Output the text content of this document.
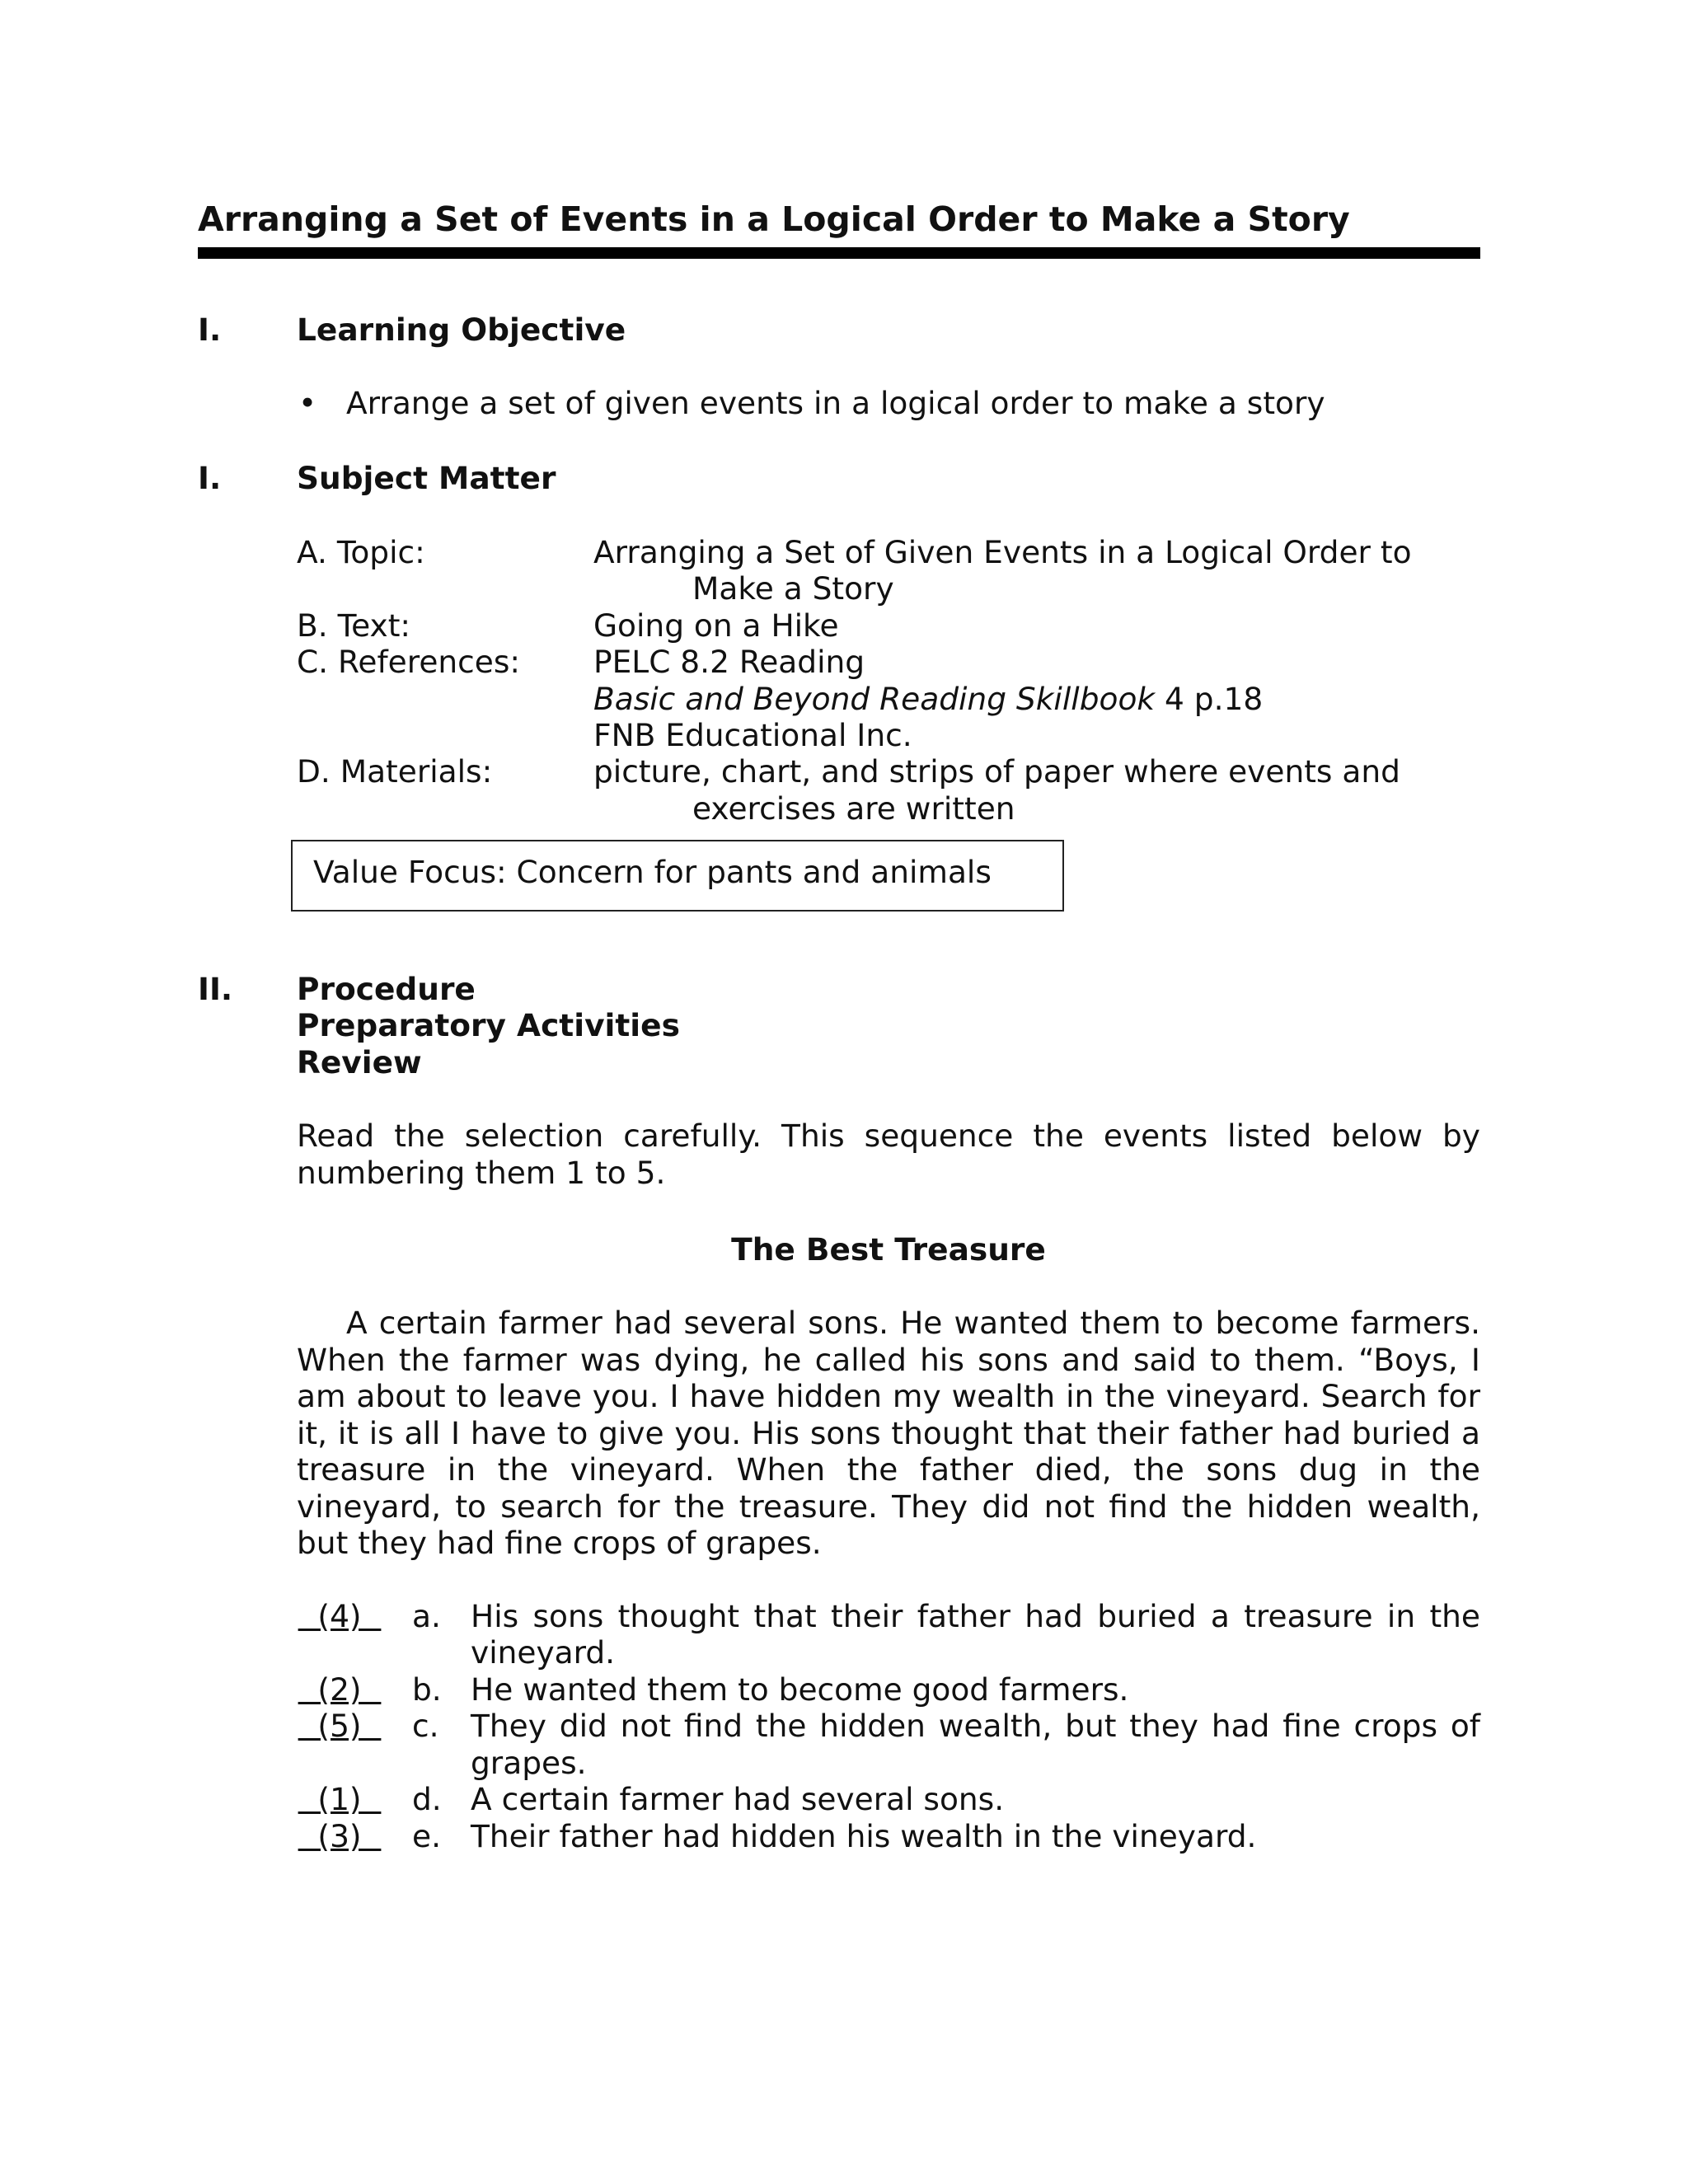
Arranging a Set of Events in a Logical Order to Make a Story
I. Learning Objective
• Arrange a set of given events in a logical order to make a story
I. Subject Matter
A. Topic:	Arranging a Set of Given Events in a Logical Order to
Make a Story
B. Text:	Going on a Hike
C. References: PELC 8.2 Reading
Basic and Beyond Reading Skillbook 4 p.18
FNB Educational Inc.
D. Materials:	picture, chart, and strips of paper where events and
exercises are written
Value Focus: Concern for pants and animals
II. Procedure
Preparatory Activities
Review
Read the selection carefully. This sequence the events listed below by
numbering them 1 to 5.
The Best Treasure
A certain farmer had several sons. He wanted them to become farmers.
When the farmer was dying, he called his sons and said to them. “Boys, I
am about to leave you. I have hidden my wealth in the vineyard. Search for
it, it is all I have to give you. His sons thought that their father had buried a
treasure in the vineyard. When the father died, the sons dug in the
vineyard, to search for the treasure. They did not find the hidden wealth,
but they had fine crops of grapes.
(4) a. His sons thought that their father had buried a treasure in the
vineyard.
(2) b. He wanted them to become good farmers.
(5) c. They did not find the hidden wealth, but they had fine crops of
grapes.
(1) d. A certain farmer had several sons.
(3) e. Their father had hidden his wealth in the vineyard.
